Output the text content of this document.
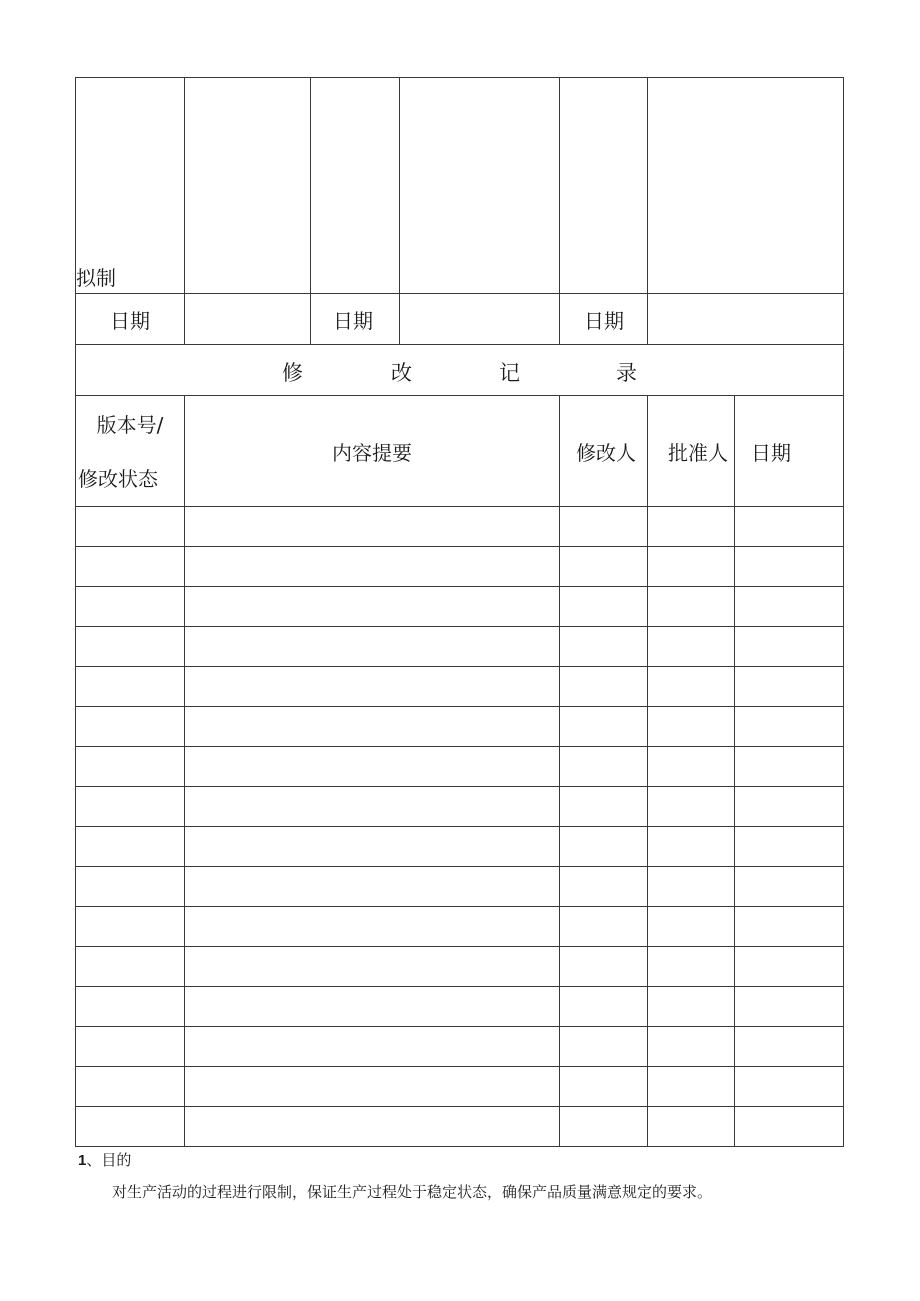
拟制						
日期		日期		日期		

修 改 记 录						

版本号/
修改状态	内容提要			修改人	批准人	日期

1、目的
对生产活动的过程进行限制，保证生产过程处于稳定状态，确保产品质量满意规定的要求。
